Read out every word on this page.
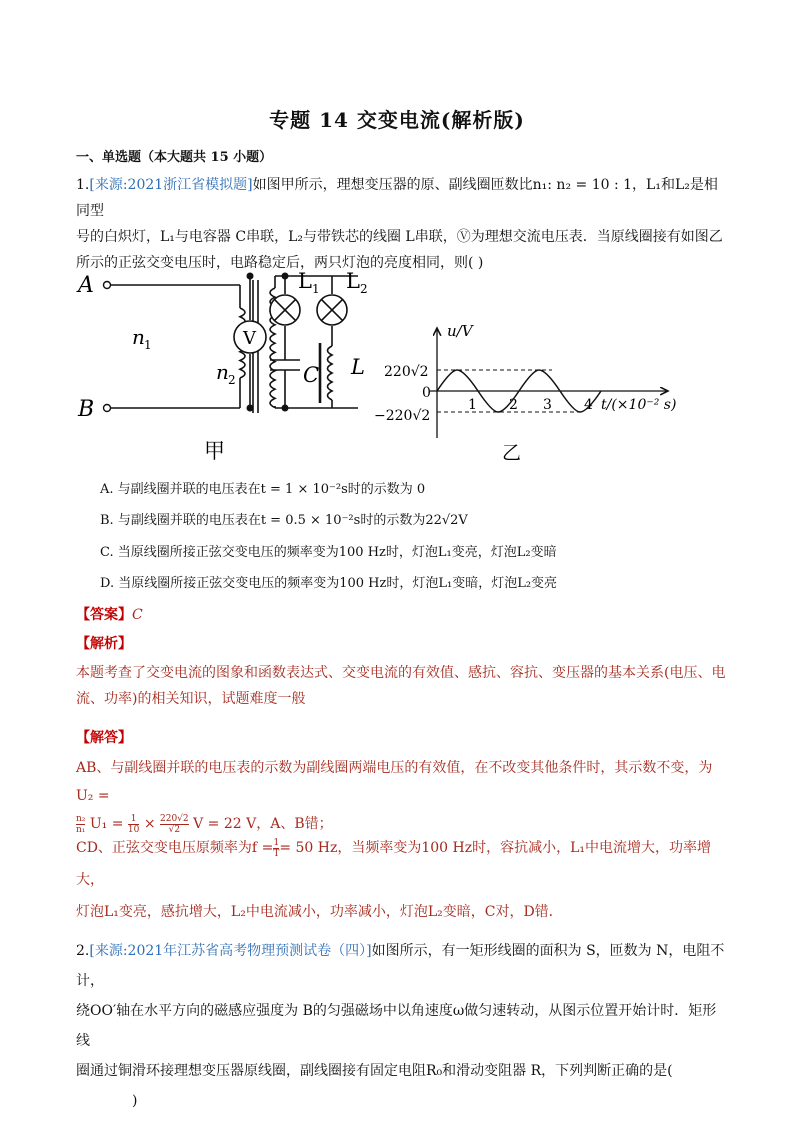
专题 14 交变电流(解析版)
一、单选题（本大题共 15 小题）
1.[来源:2021浙江省模拟题]如图甲所示，理想变压器的原、副线圈匝数比n₁: n₂ = 10 : 1，L₁和L₂是相同型
号的白炽灯，L₁与电容器 C串联，L₂与带铁芯的线圈 L串联，Ⓥ为理想交流电压表．当原线圈接有如图乙
所示的正弦交变电压时，电路稳定后，两只灯泡的亮度相同，则( )
V
A
B
n 1
n 2
L 1 L 2
C L
甲
u/V
220√2
0
−220√2
1 2 3 4 t/(×10⁻² s)
乙
A. 与副线圈并联的电压表在t = 1 × 10⁻²s时的示数为 0
B. 与副线圈并联的电压表在t = 0.5 × 10⁻²s时的示数为22√2V
C. 当原线圈所接正弦交变电压的频率变为100 Hz时，灯泡L₁变亮，灯泡L₂变暗
D. 当原线圈所接正弦交变电压的频率变为100 Hz时，灯泡L₁变暗，灯泡L₂变亮
【答案】C
【解析】
本题考查了交变电流的图象和函数表达式、交变电流的有效值、感抗、容抗、变压器的基本关系(电压、电
流、功率)的相关知识，试题难度一般
【解答】
AB、与副线圈并联的电压表的示数为副线圈两端电压的有效值，在不改变其他条件时，其示数不变，为U₂ =
$\frac{\text{n₂}}{\text{n₁}} U_1 = \frac{1}{10} \times \frac{220√2}{√2}$ V = 22 V，A、B错；
CD、正弦交变电压原频率为$f = \frac{1}{T} = 50$ Hz，当频率变为100 Hz时，容抗减小，L₁中电流增大，功率增大，
灯泡L₁变亮，感抗增大，L₂中电流减小，功率减小，灯泡L₂变暗，C对，D错．
2.[来源:2021年江苏省高考物理预测试卷（四）]如图所示，有一矩形线圈的面积为 S，匝数为 N，电阻不计，
绕OO′轴在水平方向的磁感应强度为 B的匀强磁场中以角速度ω做匀速转动，从图示位置开始计时．矩形线
圈通过铜滑环接理想变压器原线圈，副线圈接有固定电阻R₀和滑动变阻器 R，下列判断正确的是()
